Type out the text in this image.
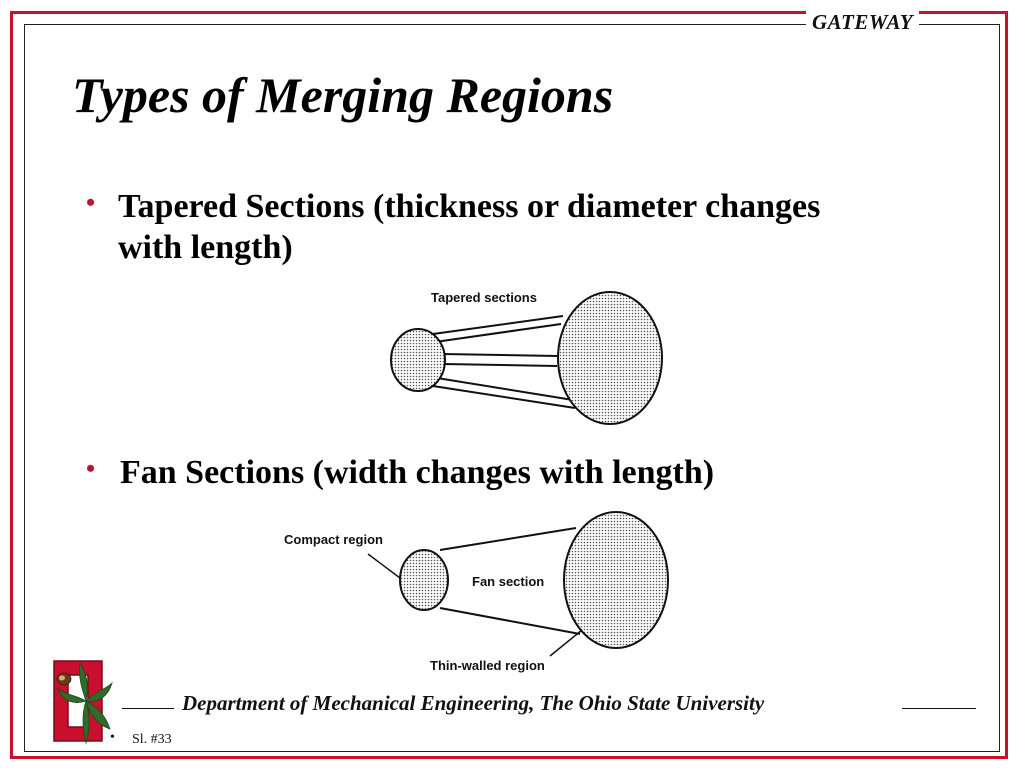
GATEWAY
Types of Merging Regions
• Tapered Sections (thickness or diameter changes with length)
Tapered sections
• Fan Sections (width changes with length)
Compact region
Fan section
Thin-walled region
Department of Mechanical Engineering, The Ohio State University
• Sl. #33
